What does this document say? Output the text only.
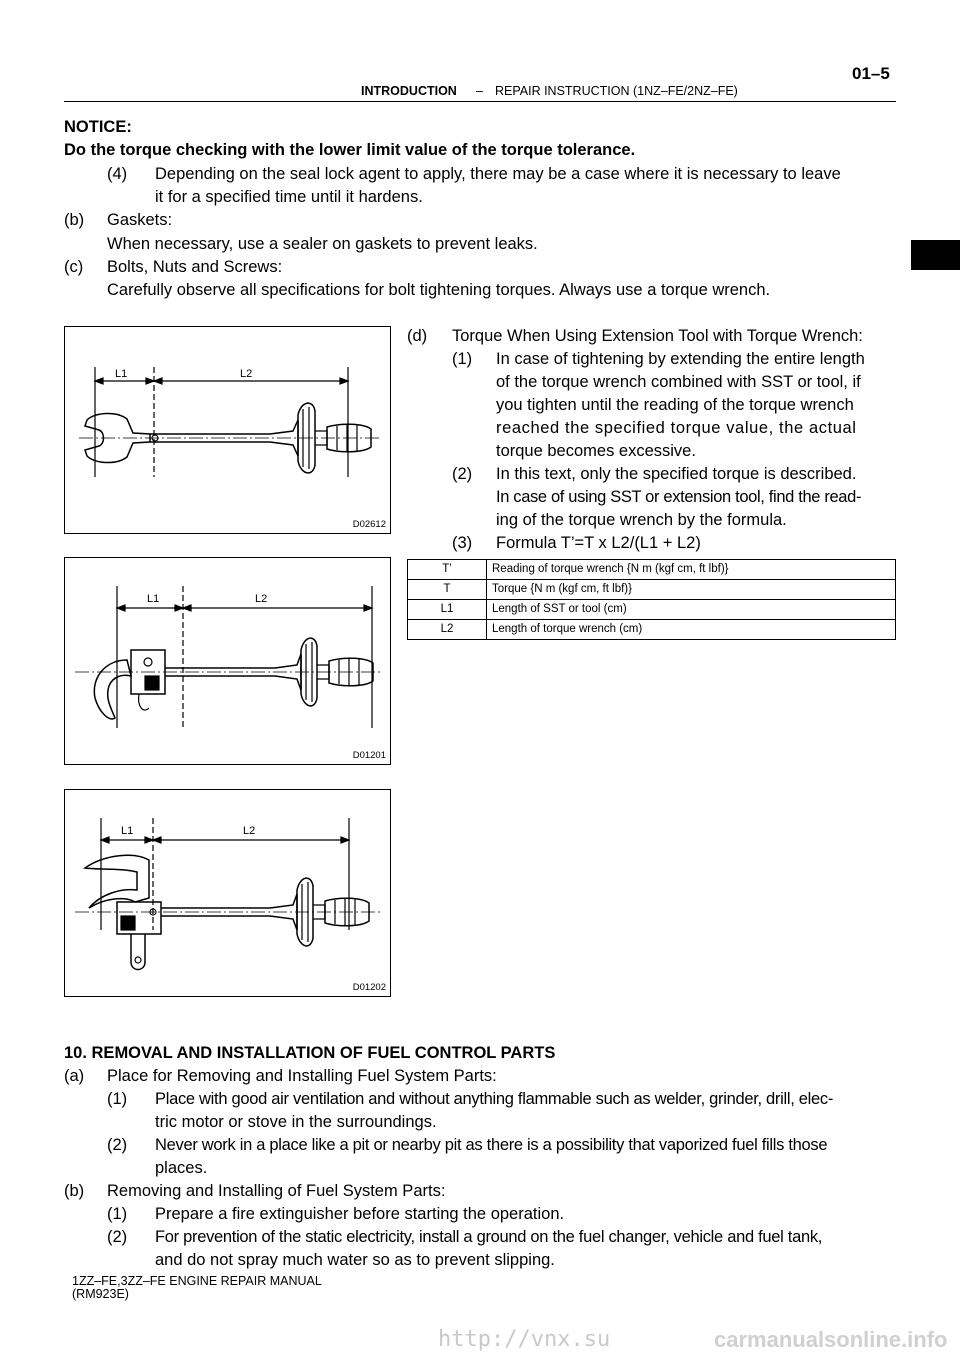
01–5
INTRODUCTION – REPAIR INSTRUCTION (1NZ–FE/2NZ–FE)
NOTICE:
Do the torque checking with the lower limit value of the torque tolerance.
(4) Depending on the seal lock agent to apply, there may be a case where it is necessary to leave
it for a specified time until it hardens.
(b) Gaskets:
When necessary, use a sealer on gaskets to prevent leaks.
(c) Bolts, Nuts and Screws:
Carefully observe all specifications for bolt tightening torques. Always use a torque wrench.
(d) Torque When Using Extension Tool with Torque Wrench:
(1) In case of tightening by extending the entire length
of the torque wrench combined with SST or tool, if
you tighten until the reading of the torque wrench
reached the specified torque value, the actual
torque becomes excessive.
(2) In this text, only the specified torque is described.
In case of using SST or extension tool, find the read-
ing of the torque wrench by the formula.
(3) Formula T’=T x L2/(L1 + L2)
T’	Reading of torque wrench {N m (kgf cm, ft lbf)}
T	Torque {N m (kgf cm, ft lbf)}
L1	Length of SST or tool (cm)
L2	Length of torque wrench (cm)
L1	L2
D02612
L1	L2
D01201
L1	L2
D01202
10. REMOVAL AND INSTALLATION OF FUEL CONTROL PARTS
(a) Place for Removing and Installing Fuel System Parts:
(1) Place with good air ventilation and without anything flammable such as welder, grinder, drill, elec-
tric motor or stove in the surroundings.
(2) Never work in a place like a pit or nearby pit as there is a possibility that vaporized fuel fills those
places.
(b) Removing and Installing of Fuel System Parts:
(1) Prepare a fire extinguisher before starting the operation.
(2) For prevention of the static electricity, install a ground on the fuel changer, vehicle and fuel tank,
and do not spray much water so as to prevent slipping.
1ZZ–FE,3ZZ–FE ENGINE REPAIR MANUAL
(RM923E)
http://vnx.su	carmanualsonline.info
